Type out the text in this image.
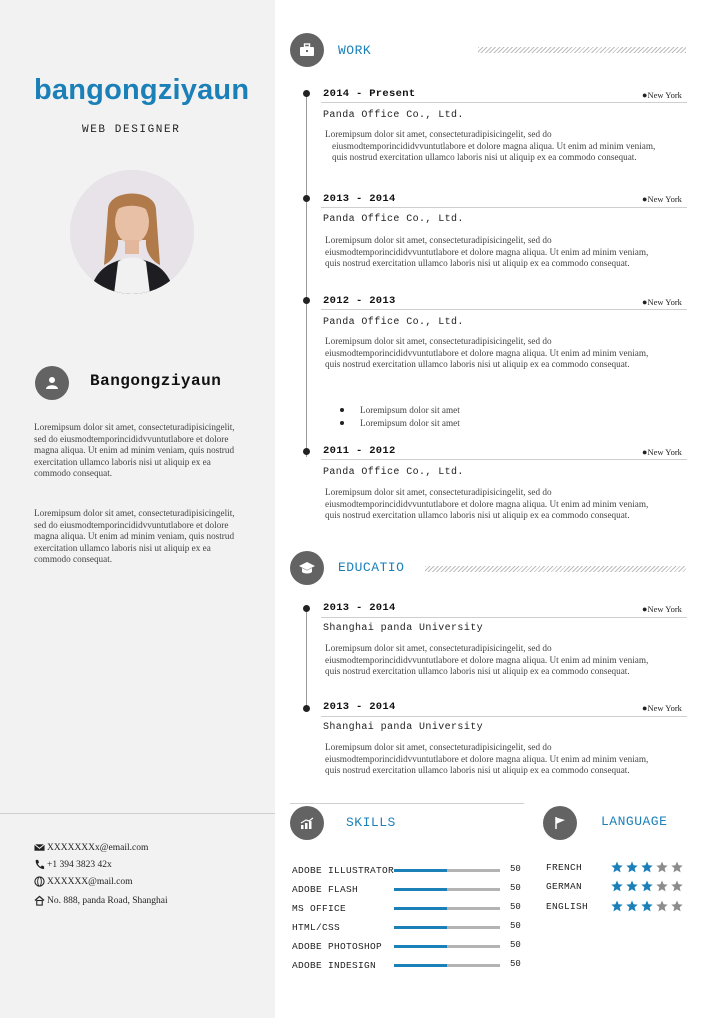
bangongziyaun
WEB DESIGNER
Bangongziyaun
Loremipsum dolor sit amet, consecteturadipisicingelit,
sed do eiusmodtemporincididvvuntutlabore et dolore
magna aliqua. Ut enim ad minim veniam, quis nostrud
exercitation ullamco laboris nisi ut aliquip ex ea
commodo consequat.
Loremipsum dolor sit amet, consecteturadipisicingelit,
sed do eiusmodtemporincididvvuntutlabore et dolore
magna aliqua. Ut enim ad minim veniam, quis nostrud
exercitation ullamco laboris nisi ut aliquip ex ea
commodo consequat.
XXXXXXXx@email.com
+1 394 3823 42x
XXXXXX@mail.com
No. 888, panda Road, Shanghai
WORK
2014 - Present	● New York
Panda Office Co., Ltd.
Loremipsum dolor sit amet, consecteturadipisicingelit, sed do
eiusmodtemporincididvvuntutlabore et dolore magna aliqua. Ut enim ad minim veniam,
quis nostrud exercitation ullamco laboris nisi ut aliquip ex ea commodo consequat.
2013 - 2014	● New York
Panda Office Co., Ltd.
Loremipsum dolor sit amet, consecteturadipisicingelit, sed do
eiusmodtemporincididvvuntutlabore et dolore magna aliqua. Ut enim ad minim veniam,
quis nostrud exercitation ullamco laboris nisi ut aliquip ex ea commodo consequat.
2012 - 2013	● New York
Panda Office Co., Ltd.
Loremipsum dolor sit amet, consecteturadipisicingelit, sed do
eiusmodtemporincididvvuntutlabore et dolore magna aliqua. Ut enim ad minim veniam,
quis nostrud exercitation ullamco laboris nisi ut aliquip ex ea commodo consequat.
Loremipsum dolor sit amet
Loremipsum dolor sit amet
2011 - 2012	● New York
Panda Office Co., Ltd.
Loremipsum dolor sit amet, consecteturadipisicingelit, sed do
eiusmodtemporincididvvuntutlabore et dolore magna aliqua. Ut enim ad minim veniam,
quis nostrud exercitation ullamco laboris nisi ut aliquip ex ea commodo consequat.
EDUCATIO
2013 - 2014	● New York
Shanghai panda University
Loremipsum dolor sit amet, consecteturadipisicingelit, sed do
eiusmodtemporincididvvuntutlabore et dolore magna aliqua. Ut enim ad minim veniam,
quis nostrud exercitation ullamco laboris nisi ut aliquip ex ea commodo consequat.
2013 - 2014	● New York
Shanghai panda University
Loremipsum dolor sit amet, consecteturadipisicingelit, sed do
eiusmodtemporincididvvuntutlabore et dolore magna aliqua. Ut enim ad minim veniam,
quis nostrud exercitation ullamco laboris nisi ut aliquip ex ea commodo consequat.
SKILLS
ADOBE ILLUSTRATOR	50
ADOBE FLASH	50
MS OFFICE	50
HTML/CSS	50
ADOBE PHOTOSHOP	50
ADOBE INDESIGN	50
LANGUAGE
FRENCH
GERMAN
ENGLISH
